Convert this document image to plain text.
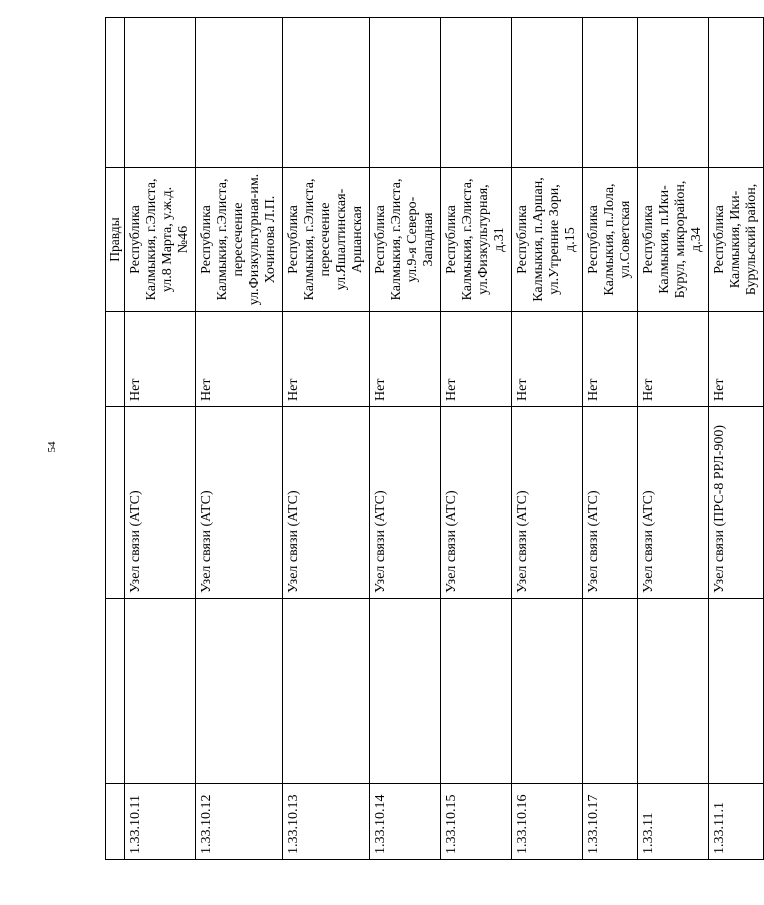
54
				Правды	
1.33.10.11		Узел связи (АТС)	Нет	Республика Калмыкия, г.Элиста, ул.8 Марта, у.ж.д. №46	
1.33.10.12		Узел связи (АТС)	Нет	Республика Калмыкия, г.Элиста, пересечение ул.Физкультурная-им. Хочинова Л.П.	
1.33.10.13		Узел связи (АТС)	Нет	Республика Калмыкия, г.Элиста, пересечение ул.Яшалтинская-Аршанская	
1.33.10.14		Узел связи (АТС)	Нет	Республика Калмыкия, г.Элиста, ул.9-я Северо-Западная	
1.33.10.15		Узел связи (АТС)	Нет	Республика Калмыкия, г.Элиста, ул.Физкультурная, д.31	
1.33.10.16		Узел связи (АТС)	Нет	Республика Калмыкия, п.Аршан, ул.Утренние Зори, д.15	
1.33.10.17		Узел связи (АТС)	Нет	Республика Калмыкия, п.Лола, ул.Советская	
1.33.11		Узел связи (АТС)	Нет	Республика Калмыкия, п.Ики-Бурул, микрорайон, д.34	
1.33.11.1		Узел связи (ПРС-8 РРЛ-900)	Нет	Республика Калмыкия, Ики-Бурульский район,	
